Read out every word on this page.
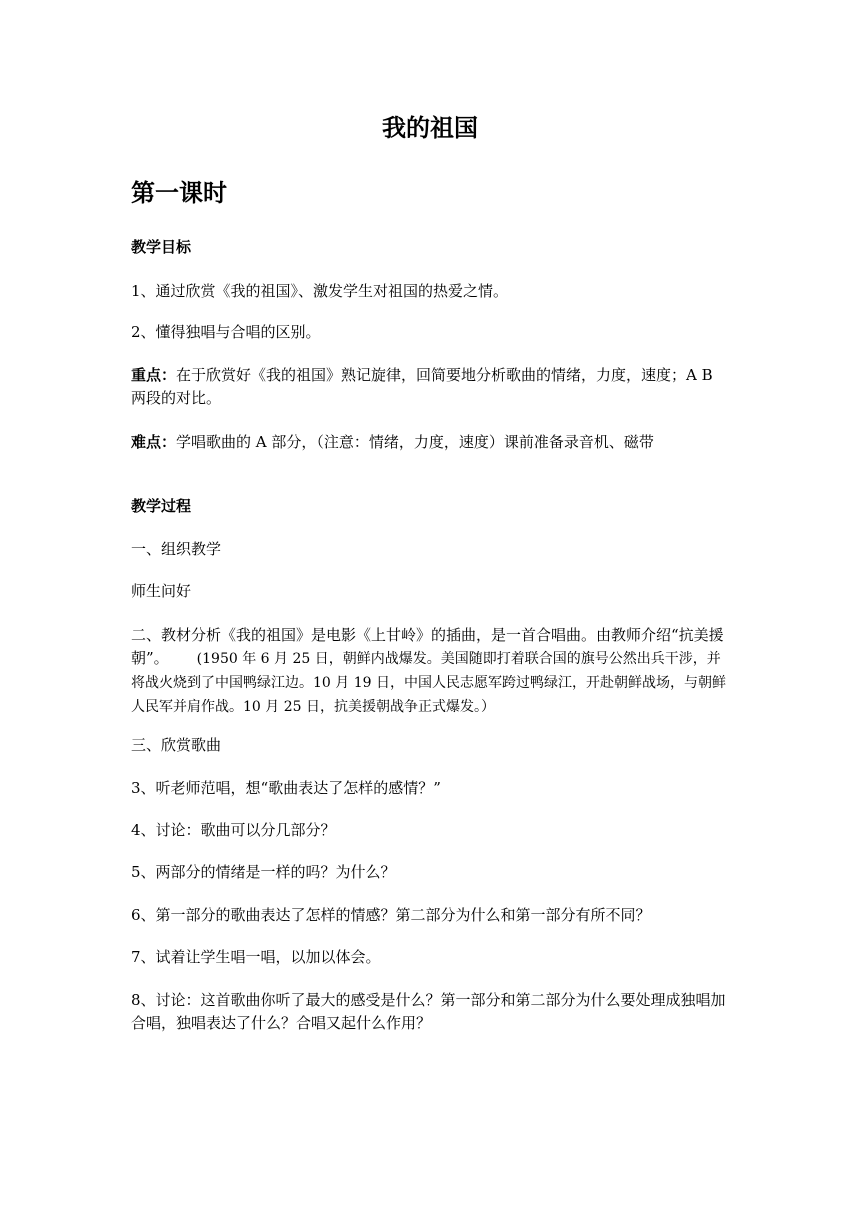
我的祖国
第一课时

教学目标

1、通过欣赏《我的祖国》、激发学生对祖国的热爱之情。

2、懂得独唱与合唱的区别。

重点：在于欣赏好《我的祖国》熟记旋律，回简要地分析歌曲的情绪，力度，速度；A B 两段的对比。

难点：学唱歌曲的 A 部分，（注意：情绪，力度，速度）课前准备录音机、磁带

教学过程

一、组织教学

师生问好

二、教材分析《我的祖国》是电影《上甘岭》的插曲，是一首合唱曲。由教师介绍“抗美援朝”。 (1950 年 6 月 25 日，朝鲜内战爆发。美国随即打着联合国的旗号公然出兵干涉，并将战火烧到了中国鸭绿江边。10 月 19 日，中国人民志愿军跨过鸭绿江，开赴朝鲜战场，与朝鲜人民军并肩作战。10 月 25 日，抗美援朝战争正式爆发。）

三、欣赏歌曲

3、听老师范唱，想“歌曲表达了怎样的感情？”

4、讨论：歌曲可以分几部分？

5、两部分的情绪是一样的吗？为什么？

6、第一部分的歌曲表达了怎样的情感？第二部分为什么和第一部分有所不同？

7、试着让学生唱一唱，以加以体会。

8、讨论：这首歌曲你听了最大的感受是什么？第一部分和第二部分为什么要处理成独唱加合唱，独唱表达了什么？合唱又起什么作用？
